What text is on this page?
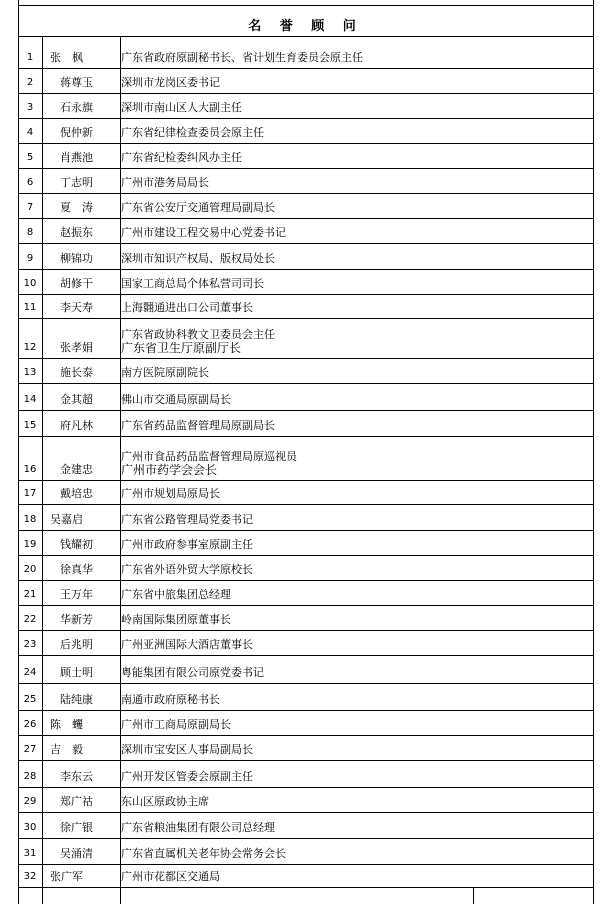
名 誉 顾 问
1	张　枫	广东省政府原副秘书长、省计划生育委员会原主任
2	蒋尊玉	深圳市龙岗区委书记
3	石永旗	深圳市南山区人大副主任
4	倪仲新	广东省纪律检查委员会原主任
5	肖燕池	广东省纪检委纠风办主任
6	丁志明	广州市港务局局长
7	夏　涛	广东省公安厅交通管理局副局长
8	赵振东	广州市建设工程交易中心党委书记
9	柳锦功	深圳市知识产权局、版权局处长
10	胡修干	国家工商总局个体私营司司长
11	李天寿	上海翾通进出口公司董事长
12	张孝娟
广东省政协科教文卫委员会主任
广东省卫生厅原副厅长
13	施长泰	南方医院原副院长
14	金其超	佛山市交通局原副局长
15	府凡林	广东省药品监督管理局原副局长
16	金建忠
广州市食品药品监督管理局原巡视员
广州市药学会会长
17	戴培忠	广州市规划局原局长
18	吴嘉启	广东省公路管理局党委书记
19	钱耀初	广州市政府参事室原副主任
20	徐真华	广东省外语外贸大学原校长
21	王万年	广东省中旅集团总经理
22	华新芳	岭南国际集团原董事长
23	后兆明	广州亚洲国际大酒店董事长
24	顾士明	粤能集团有限公司原党委书记
25	陆纯康	南通市政府原秘书长
26	陈　蠼	广州市工商局原副局长
27	吉　毅	深圳市宝安区人事局副局长
28	李东云	广州开发区管委会原副主任
29	郑广祜	东山区原政协主席
30	徐广银	广东省粮油集团有限公司总经理
31	吴涌清	广东省直属机关老年协会常务会长
32	张广军	广州市花都区交通局
